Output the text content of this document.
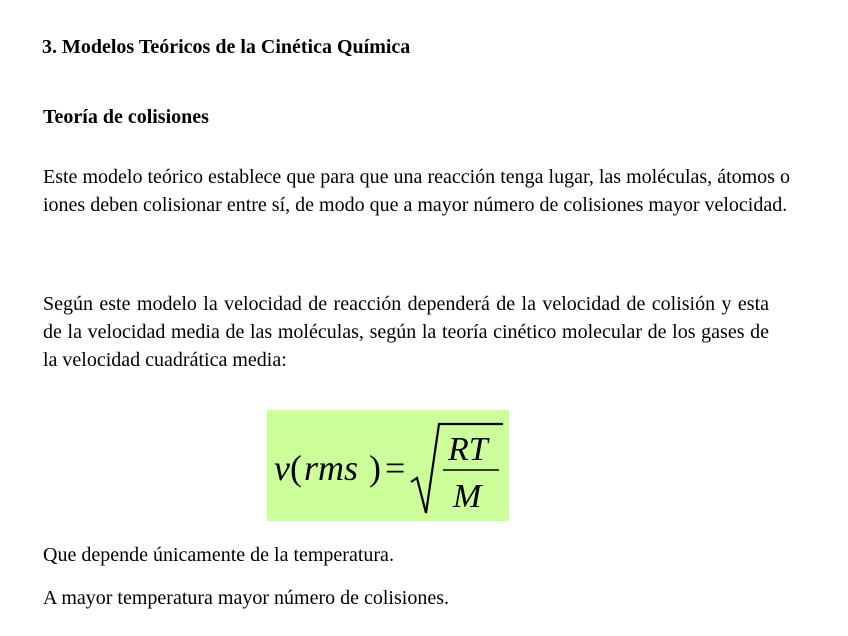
3. Modelos Teóricos de la Cinética Química
Teoría de colisiones

Este modelo teórico establece que para que una reacción tenga lugar, las moléculas, átomos o iones deben colisionar entre sí, de modo que a mayor número de colisiones mayor velocidad.

Según este modelo la velocidad de reacción dependerá de la velocidad de colisión y esta de la velocidad media de las moléculas, según la teoría cinético molecular de los gases de la velocidad cuadrática media:

v ( rms ) = RT
M

Que depende únicamente de la temperatura.

A mayor temperatura mayor número de colisiones.
